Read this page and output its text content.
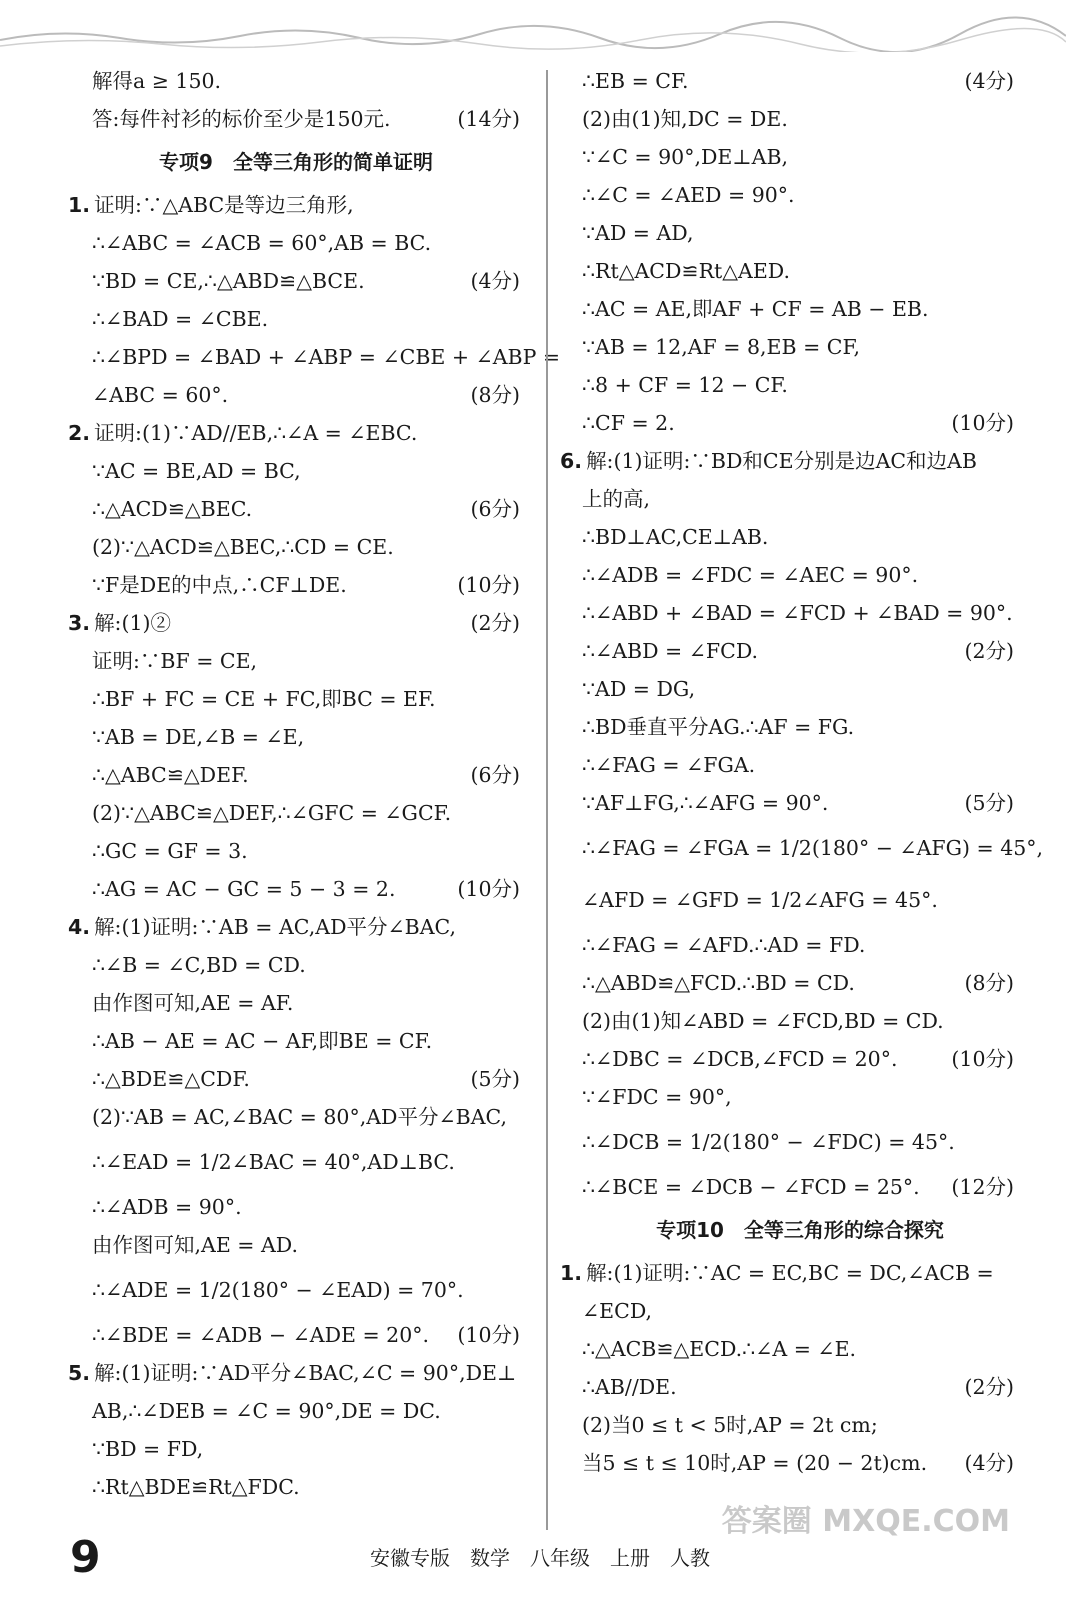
解得a ≥ 150.
答:每件衬衫的标价至少是150元.	(14分)
专项9　全等三角形的简单证明
1. 证明:∵△ABC是等边三角形,
∴∠ABC = ∠ACB = 60°,AB = BC.
∵BD = CE,∴△ABD≌△BCE.	(4分)
∴∠BAD = ∠CBE.
∴∠BPD = ∠BAD + ∠ABP = ∠CBE + ∠ABP =
∠ABC = 60°.	(8分)
2. 证明:(1)∵AD//EB,∴∠A = ∠EBC.
∵AC = BE,AD = BC,
∴△ACD≌△BEC.	(6分)
(2)∵△ACD≌△BEC,∴CD = CE.
∵F是DE的中点,∴CF⊥DE.	(10分)
3. 解:(1)②	(2分)
证明:∵BF = CE,
∴BF + FC = CE + FC,即BC = EF.
∵AB = DE,∠B = ∠E,
∴△ABC≌△DEF.	(6分)
(2)∵△ABC≌△DEF,∴∠GFC = ∠GCF.
∴GC = GF = 3.
∴AG = AC − GC = 5 − 3 = 2.	(10分)
4. 解:(1)证明:∵AB = AC,AD平分∠BAC,
∴∠B = ∠C,BD = CD.
由作图可知,AE = AF.
∴AB − AE = AC − AF,即BE = CF.
∴△BDE≌△CDF.	(5分)
(2)∵AB = AC,∠BAC = 80°,AD平分∠BAC,
∴∠EAD = 1/2∠BAC = 40°,AD⊥BC.
∴∠ADB = 90°.
由作图可知,AE = AD.
∴∠ADE = 1/2(180° − ∠EAD) = 70°.
∴∠BDE = ∠ADB − ∠ADE = 20°. (10分)
5. 解:(1)证明:∵AD平分∠BAC,∠C = 90°,DE⊥
AB,∴∠DEB = ∠C = 90°,DE = DC.
∵BD = FD,
∴Rt△BDE≌Rt△FDC.
∴EB = CF.	(4分)
(2)由(1)知,DC = DE.
∵∠C = 90°,DE⊥AB,
∴∠C = ∠AED = 90°.
∵AD = AD,
∴Rt△ACD≌Rt△AED.
∴AC = AE,即AF + CF = AB − EB.
∵AB = 12,AF = 8,EB = CF,
∴8 + CF = 12 − CF.
∴CF = 2.	(10分)
6. 解:(1)证明:∵BD和CE分别是边AC和边AB
上的高,
∴BD⊥AC,CE⊥AB.
∴∠ADB = ∠FDC = ∠AEC = 90°.
∴∠ABD + ∠BAD = ∠FCD + ∠BAD = 90°.
∴∠ABD = ∠FCD.	(2分)
∵AD = DG,
∴BD垂直平分AG.∴AF = FG.
∴∠FAG = ∠FGA.
∵AF⊥FG,∴∠AFG = 90°.	(5分)
∴∠FAG = ∠FGA = 1/2(180° − ∠AFG) = 45°,
∠AFD = ∠GFD = 1/2∠AFG = 45°.
∴∠FAG = ∠AFD.∴AD = FD.
∴△ABD≌△FCD.∴BD = CD.	(8分)
(2)由(1)知∠ABD = ∠FCD,BD = CD.
∴∠DBC = ∠DCB,∠FCD = 20°.	(10分)
∵∠FDC = 90°,
∴∠DCB = 1/2(180° − ∠FDC) = 45°.
∴∠BCE = ∠DCB − ∠FCD = 25°. (12分)
专项10　全等三角形的综合探究
1. 解:(1)证明:∵AC = EC,BC = DC,∠ACB =
∠ECD,
∴△ACB≌△ECD.∴∠A = ∠E.
∴AB//DE.	(2分)
(2)当0 ≤ t < 5时,AP = 2t cm;
当5 ≤ t ≤ 10时,AP = (20 − 2t)cm. (4分)
9	安徽专版　数学　八年级　上册　人教
答案圈 MXQE.COM
